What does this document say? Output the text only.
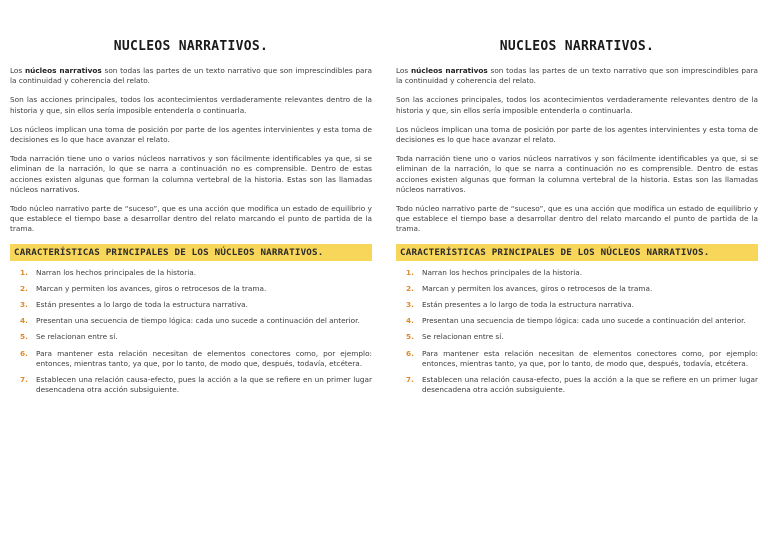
NUCLEOS NARRATIVOS.

Los núcleos narrativos son todas las partes de un texto narrativo que son imprescindibles para la continuidad y coherencia del relato.

Son las acciones principales, todos los acontecimientos verdaderamente relevantes dentro de la historia y que, sin ellos sería imposible entenderla o continuarla.

Los núcleos implican una toma de posición por parte de los agentes intervinientes y esta toma de decisiones es lo que hace avanzar el relato.

Toda narración tiene uno o varios núcleos narrativos y son fácilmente identificables ya que, si se eliminan de la narración, lo que se narra a continuación no es comprensible. Dentro de estas acciones existen algunas que forman la columna vertebral de la historia. Estas son las llamadas núcleos narrativos.

Todo núcleo narrativo parte de “suceso”, que es una acción que modifica un estado de equilibrio y que establece el tiempo base a desarrollar dentro del relato marcando el punto de partida de la trama.

CARACTERÍSTICAS PRINCIPALES DE LOS NÚCLEOS NARRATIVOS.
1. Narran los hechos principales de la historia.
2. Marcan y permiten los avances, giros o retrocesos de la trama.
3. Están presentes a lo largo de toda la estructura narrativa.
4. Presentan una secuencia de tiempo lógica: cada uno sucede a continuación del anterior.
5. Se relacionan entre sí.
6. Para mantener esta relación necesitan de elementos conectores como, por ejemplo: entonces, mientras tanto, ya que, por lo tanto, de modo que, después, todavía, etcétera.
7. Establecen una relación causa-efecto, pues la acción a la que se refiere en un primer lugar desencadena otra acción subsiguiente.
NUCLEOS NARRATIVOS.

Los núcleos narrativos son todas las partes de un texto narrativo que son imprescindibles para la continuidad y coherencia del relato.

Son las acciones principales, todos los acontecimientos verdaderamente relevantes dentro de la historia y que, sin ellos sería imposible entenderla o continuarla.

Los núcleos implican una toma de posición por parte de los agentes intervinientes y esta toma de decisiones es lo que hace avanzar el relato.

Toda narración tiene uno o varios núcleos narrativos y son fácilmente identificables ya que, si se eliminan de la narración, lo que se narra a continuación no es comprensible. Dentro de estas acciones existen algunas que forman la columna vertebral de la historia. Estas son las llamadas núcleos narrativos.

Todo núcleo narrativo parte de “suceso”, que es una acción que modifica un estado de equilibrio y que establece el tiempo base a desarrollar dentro del relato marcando el punto de partida de la trama.

CARACTERÍSTICAS PRINCIPALES DE LOS NÚCLEOS NARRATIVOS.
1. Narran los hechos principales de la historia.
2. Marcan y permiten los avances, giros o retrocesos de la trama.
3. Están presentes a lo largo de toda la estructura narrativa.
4. Presentan una secuencia de tiempo lógica: cada uno sucede a continuación del anterior.
5. Se relacionan entre sí.
6. Para mantener esta relación necesitan de elementos conectores como, por ejemplo: entonces, mientras tanto, ya que, por lo tanto, de modo que, después, todavía, etcétera.
7. Establecen una relación causa-efecto, pues la acción a la que se refiere en un primer lugar desencadena otra acción subsiguiente.
